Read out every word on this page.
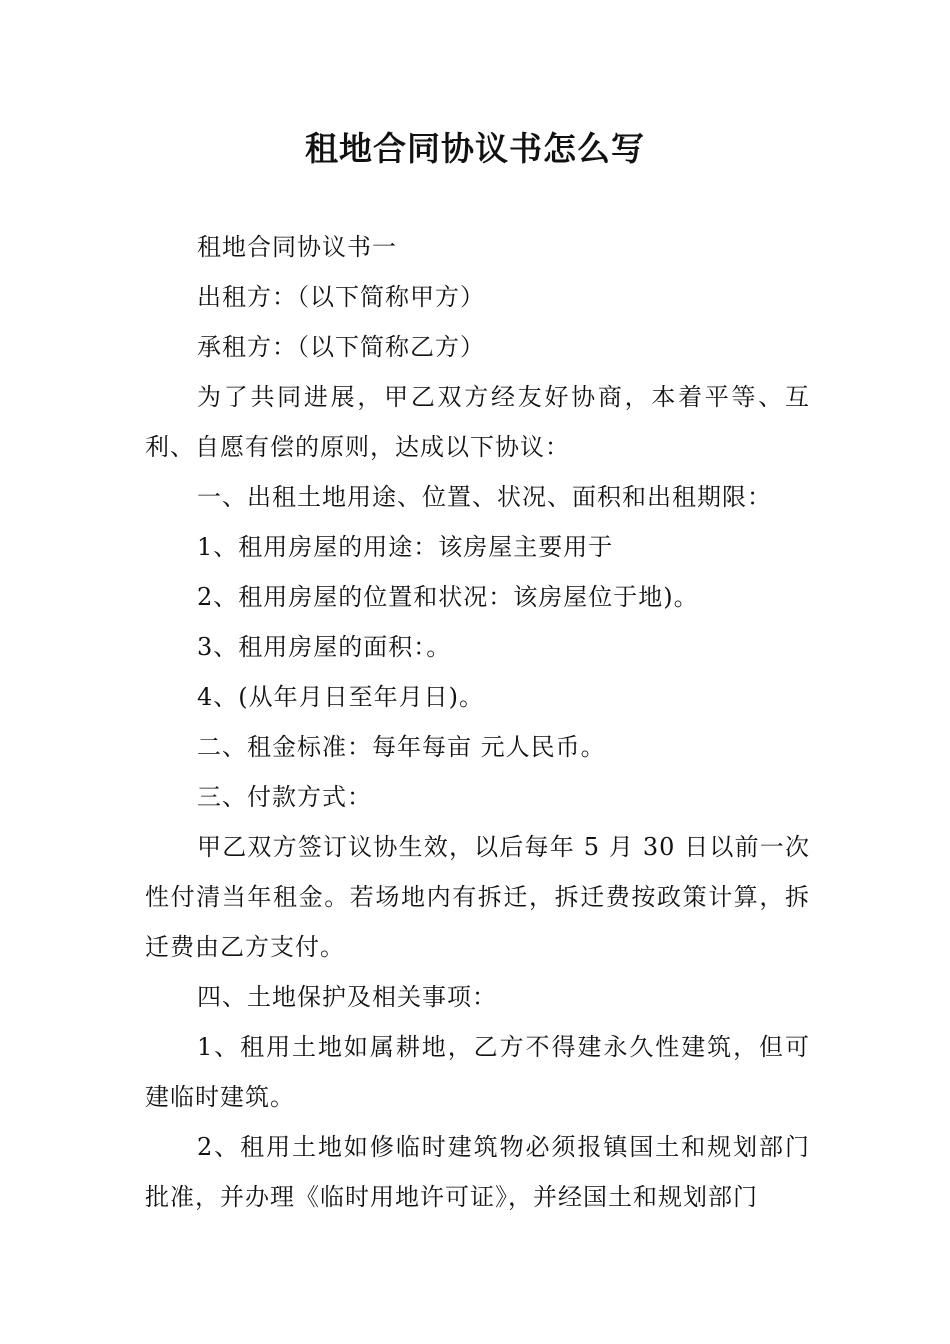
租地合同协议书怎么写

租地合同协议书一

出租方：（以下简称甲方）

承租方：（以下简称乙方）

为了共同进展，甲乙双方经友好协商，本着平等、互利、自愿有偿的原则，达成以下协议：

一、出租土地用途、位置、状况、面积和出租期限：

1、租用房屋的用途：该房屋主要用于

2、租用房屋的位置和状况：该房屋位于地)。

3、租用房屋的面积：。

4、(从年月日至年月日)。

二、租金标准：每年每亩 元人民币。

三、付款方式：

甲乙双方签订议协生效，以后每年 5 月 30 日以前一次性付清当年租金。若场地内有拆迁，拆迁费按政策计算，拆迁费由乙方支付。

四、土地保护及相关事项：

1、租用土地如属耕地，乙方不得建永久性建筑，但可建临时建筑。

2、租用土地如修临时建筑物必须报镇国土和规划部门批准，并办理《临时用地许可证》，并经国土和规划部门
